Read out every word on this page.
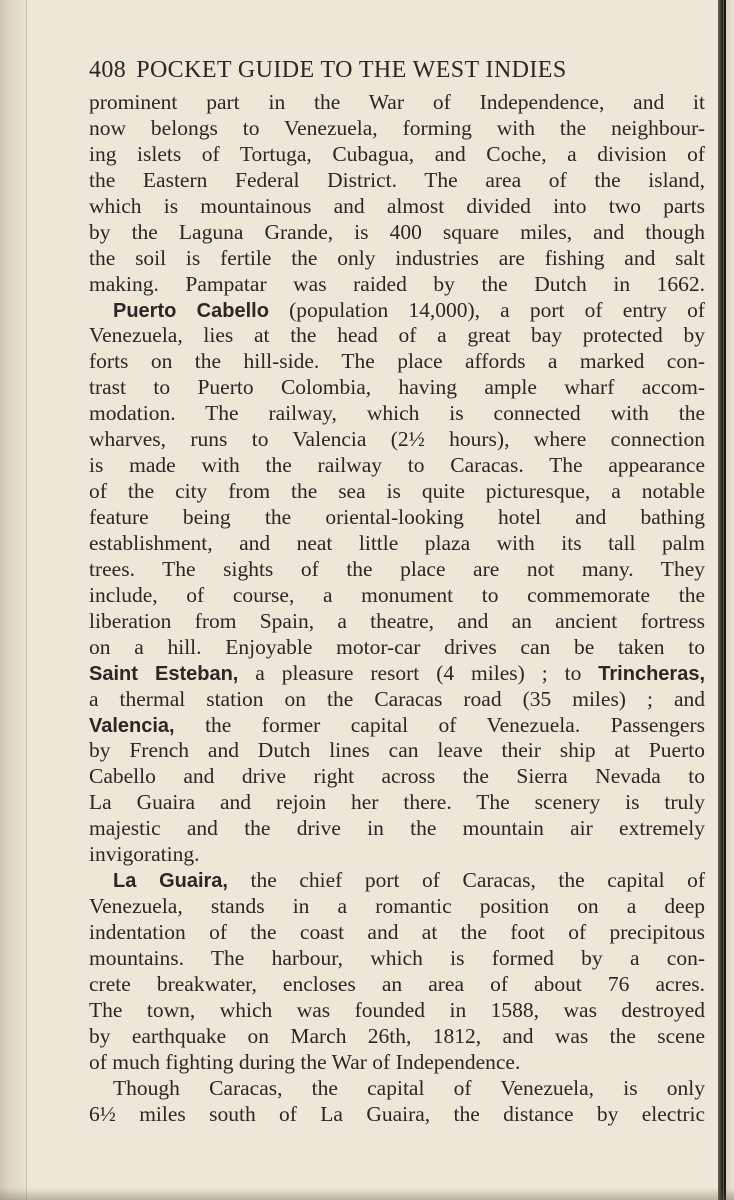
408 POCKET GUIDE TO THE WEST INDIES
prominent part in the War of Independence, and it
now belongs to Venezuela, forming with the neighbour-
ing islets of Tortuga, Cubagua, and Coche, a division of
the Eastern Federal District. The area of the island,
which is mountainous and almost divided into two parts
by the Laguna Grande, is 400 square miles, and though
the soil is fertile the only industries are fishing and salt
making. Pampatar was raided by the Dutch in 1662.
Puerto Cabello (population 14,000), a port of entry of
Venezuela, lies at the head of a great bay protected by
forts on the hill-side. The place affords a marked con-
trast to Puerto Colombia, having ample wharf accom-
modation. The railway, which is connected with the
wharves, runs to Valencia (2½ hours), where connection
is made with the railway to Caracas. The appearance
of the city from the sea is quite picturesque, a notable
feature being the oriental-looking hotel and bathing
establishment, and neat little plaza with its tall palm
trees. The sights of the place are not many. They
include, of course, a monument to commemorate the
liberation from Spain, a theatre, and an ancient fortress
on a hill. Enjoyable motor-car drives can be taken to
Saint Esteban, a pleasure resort (4 miles) ; to Trincheras,
a thermal station on the Caracas road (35 miles) ; and
Valencia, the former capital of Venezuela. Passengers
by French and Dutch lines can leave their ship at Puerto
Cabello and drive right across the Sierra Nevada to
La Guaira and rejoin her there. The scenery is truly
majestic and the drive in the mountain air extremely
invigorating.
La Guaira, the chief port of Caracas, the capital of
Venezuela, stands in a romantic position on a deep
indentation of the coast and at the foot of precipitous
mountains. The harbour, which is formed by a con-
crete breakwater, encloses an area of about 76 acres.
The town, which was founded in 1588, was destroyed
by earthquake on March 26th, 1812, and was the scene
of much fighting during the War of Independence.
Though Caracas, the capital of Venezuela, is only
6½ miles south of La Guaira, the distance by electric
